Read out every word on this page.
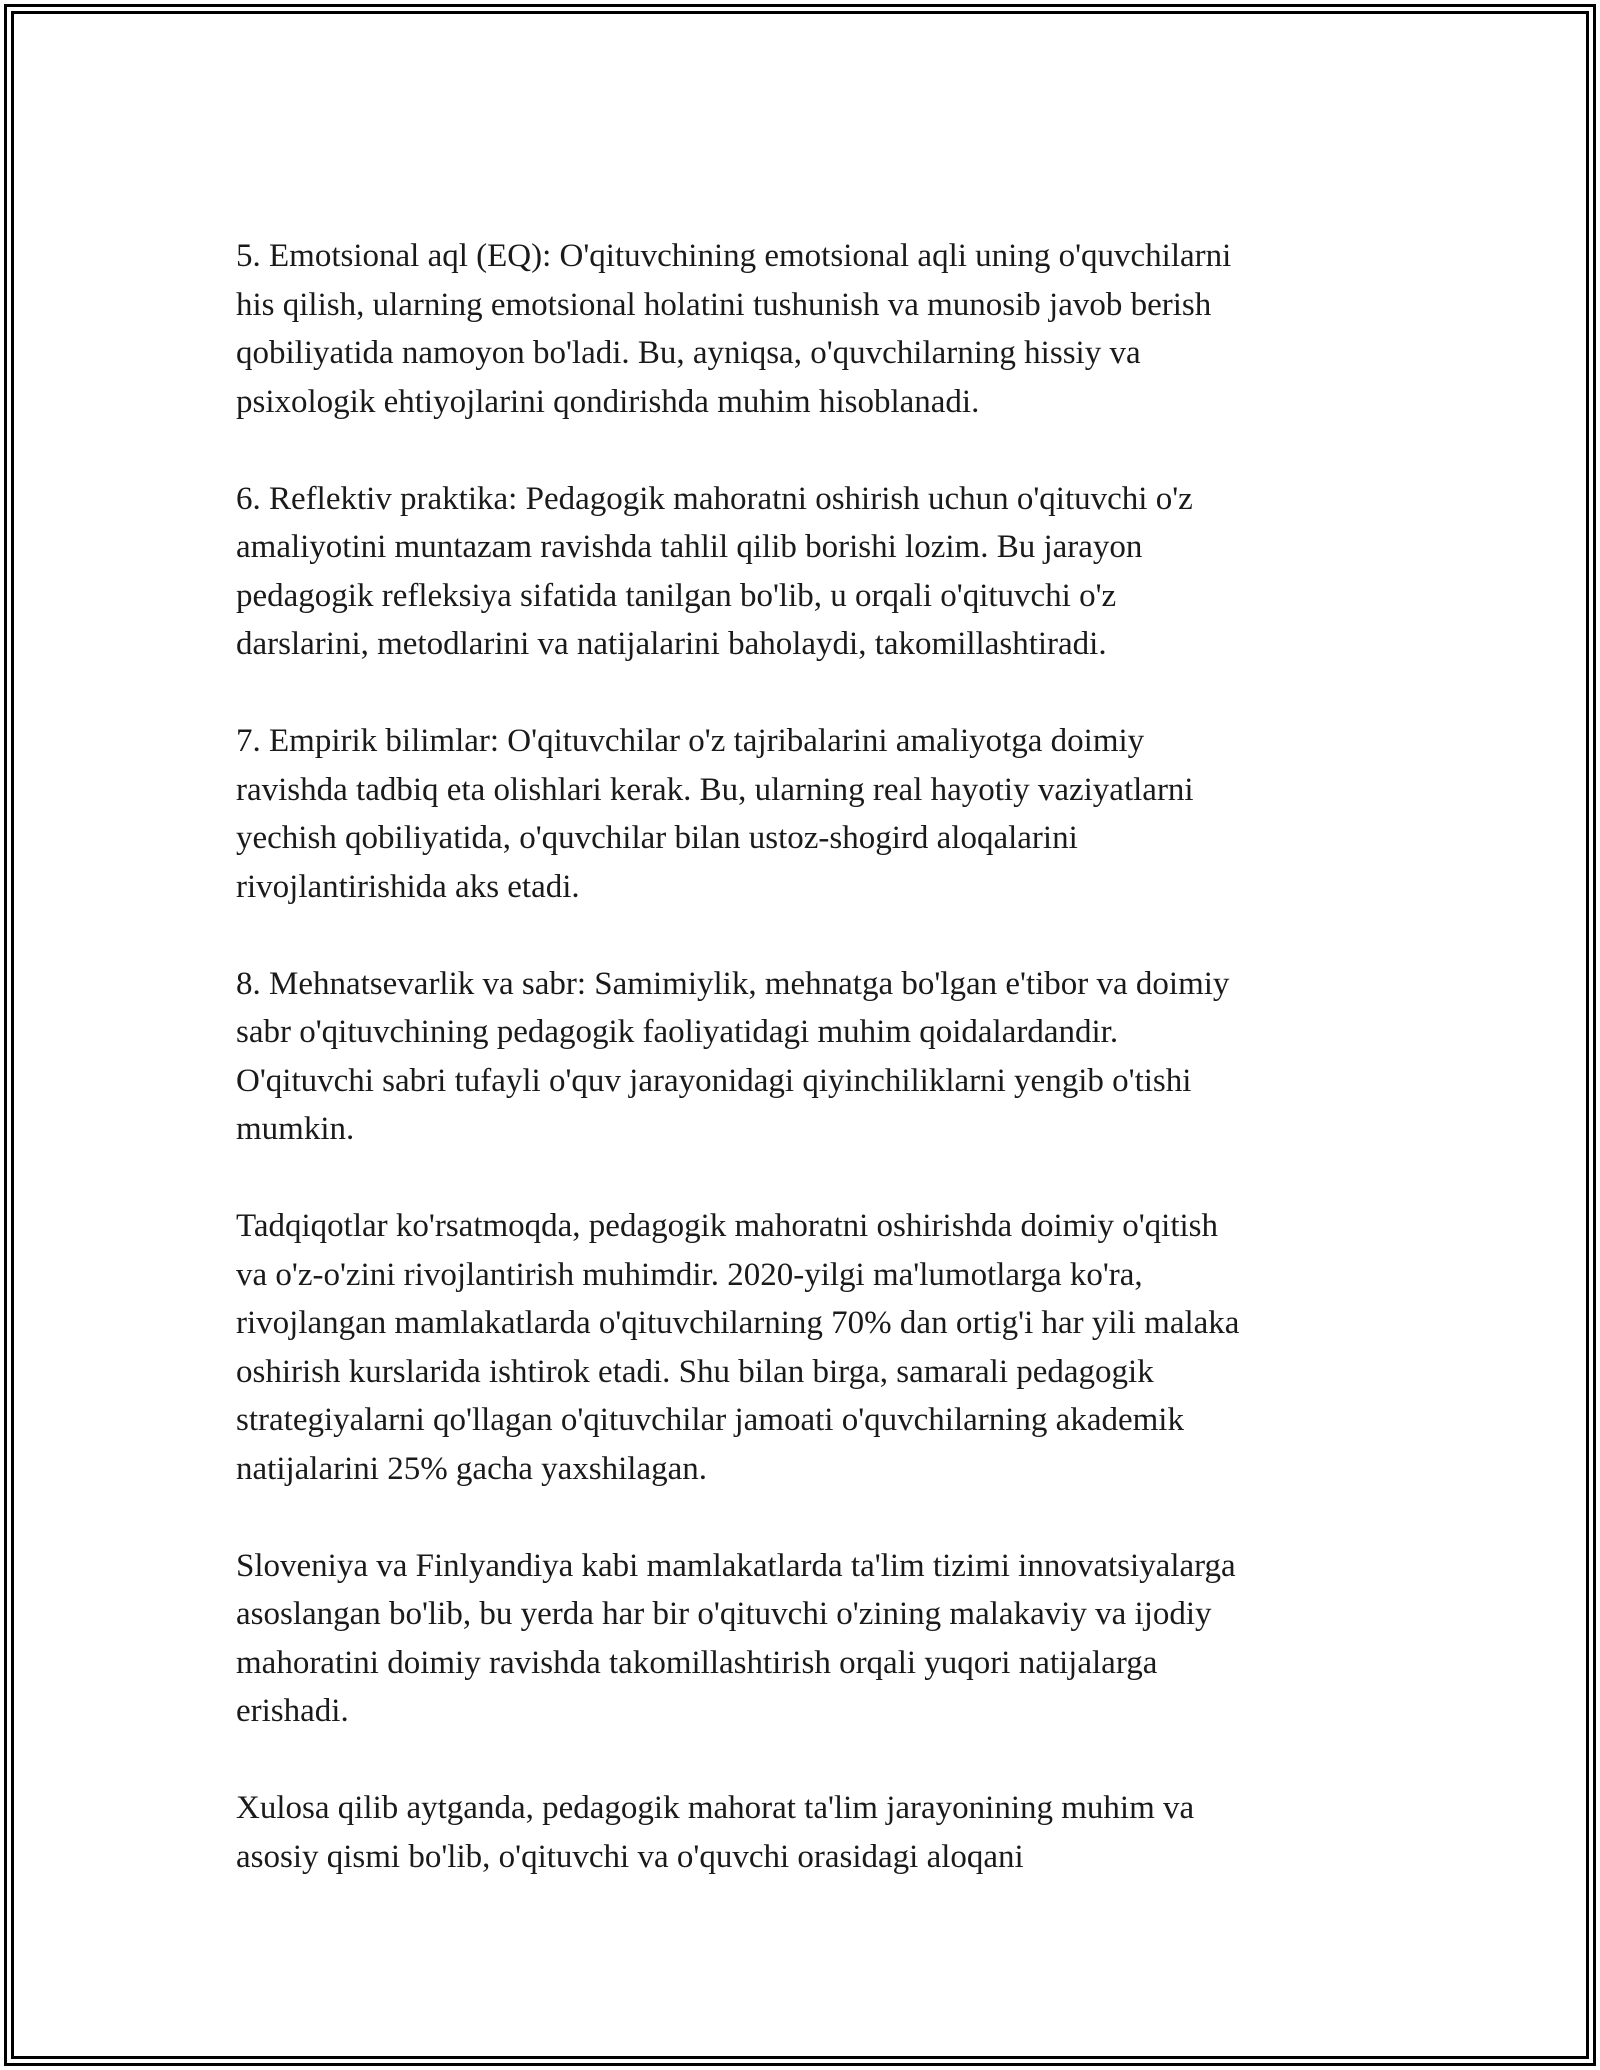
5. Emotsional aql (EQ): O'qituvchining emotsional aqli uning o'quvchilarni
his qilish, ularning emotsional holatini tushunish va munosib javob berish
qobiliyatida namoyon bo'ladi. Bu, ayniqsa, o'quvchilarning hissiy va
psixologik ehtiyojlarini qondirishda muhim hisoblanadi.

6. Reflektiv praktika: Pedagogik mahoratni oshirish uchun o'qituvchi o'z
amaliyotini muntazam ravishda tahlil qilib borishi lozim. Bu jarayon
pedagogik refleksiya sifatida tanilgan bo'lib, u orqali o'qituvchi o'z
darslarini, metodlarini va natijalarini baholaydi, takomillashtiradi.

7. Empirik bilimlar: O'qituvchilar o'z tajribalarini amaliyotga doimiy
ravishda tadbiq eta olishlari kerak. Bu, ularning real hayotiy vaziyatlarni
yechish qobiliyatida, o'quvchilar bilan ustoz-shogird aloqalarini
rivojlantirishida aks etadi.

8. Mehnatsevarlik va sabr: Samimiylik, mehnatga bo'lgan e'tibor va doimiy
sabr o'qituvchining pedagogik faoliyatidagi muhim qoidalardandir.
O'qituvchi sabri tufayli o'quv jarayonidagi qiyinchiliklarni yengib o'tishi
mumkin.

Tadqiqotlar ko'rsatmoqda, pedagogik mahoratni oshirishda doimiy o'qitish
va o'z-o'zini rivojlantirish muhimdir. 2020-yilgi ma'lumotlarga ko'ra,
rivojlangan mamlakatlarda o'qituvchilarning 70% dan ortig'i har yili malaka
oshirish kurslarida ishtirok etadi. Shu bilan birga, samarali pedagogik
strategiyalarni qo'llagan o'qituvchilar jamoati o'quvchilarning akademik
natijalarini 25% gacha yaxshilagan.

Sloveniya va Finlyandiya kabi mamlakatlarda ta'lim tizimi innovatsiyalarga
asoslangan bo'lib, bu yerda har bir o'qituvchi o'zining malakaviy va ijodiy
mahoratini doimiy ravishda takomillashtirish orqali yuqori natijalarga
erishadi.

Xulosa qilib aytganda, pedagogik mahorat ta'lim jarayonining muhim va
asosiy qismi bo'lib, o'qituvchi va o'quvchi orasidagi aloqani
